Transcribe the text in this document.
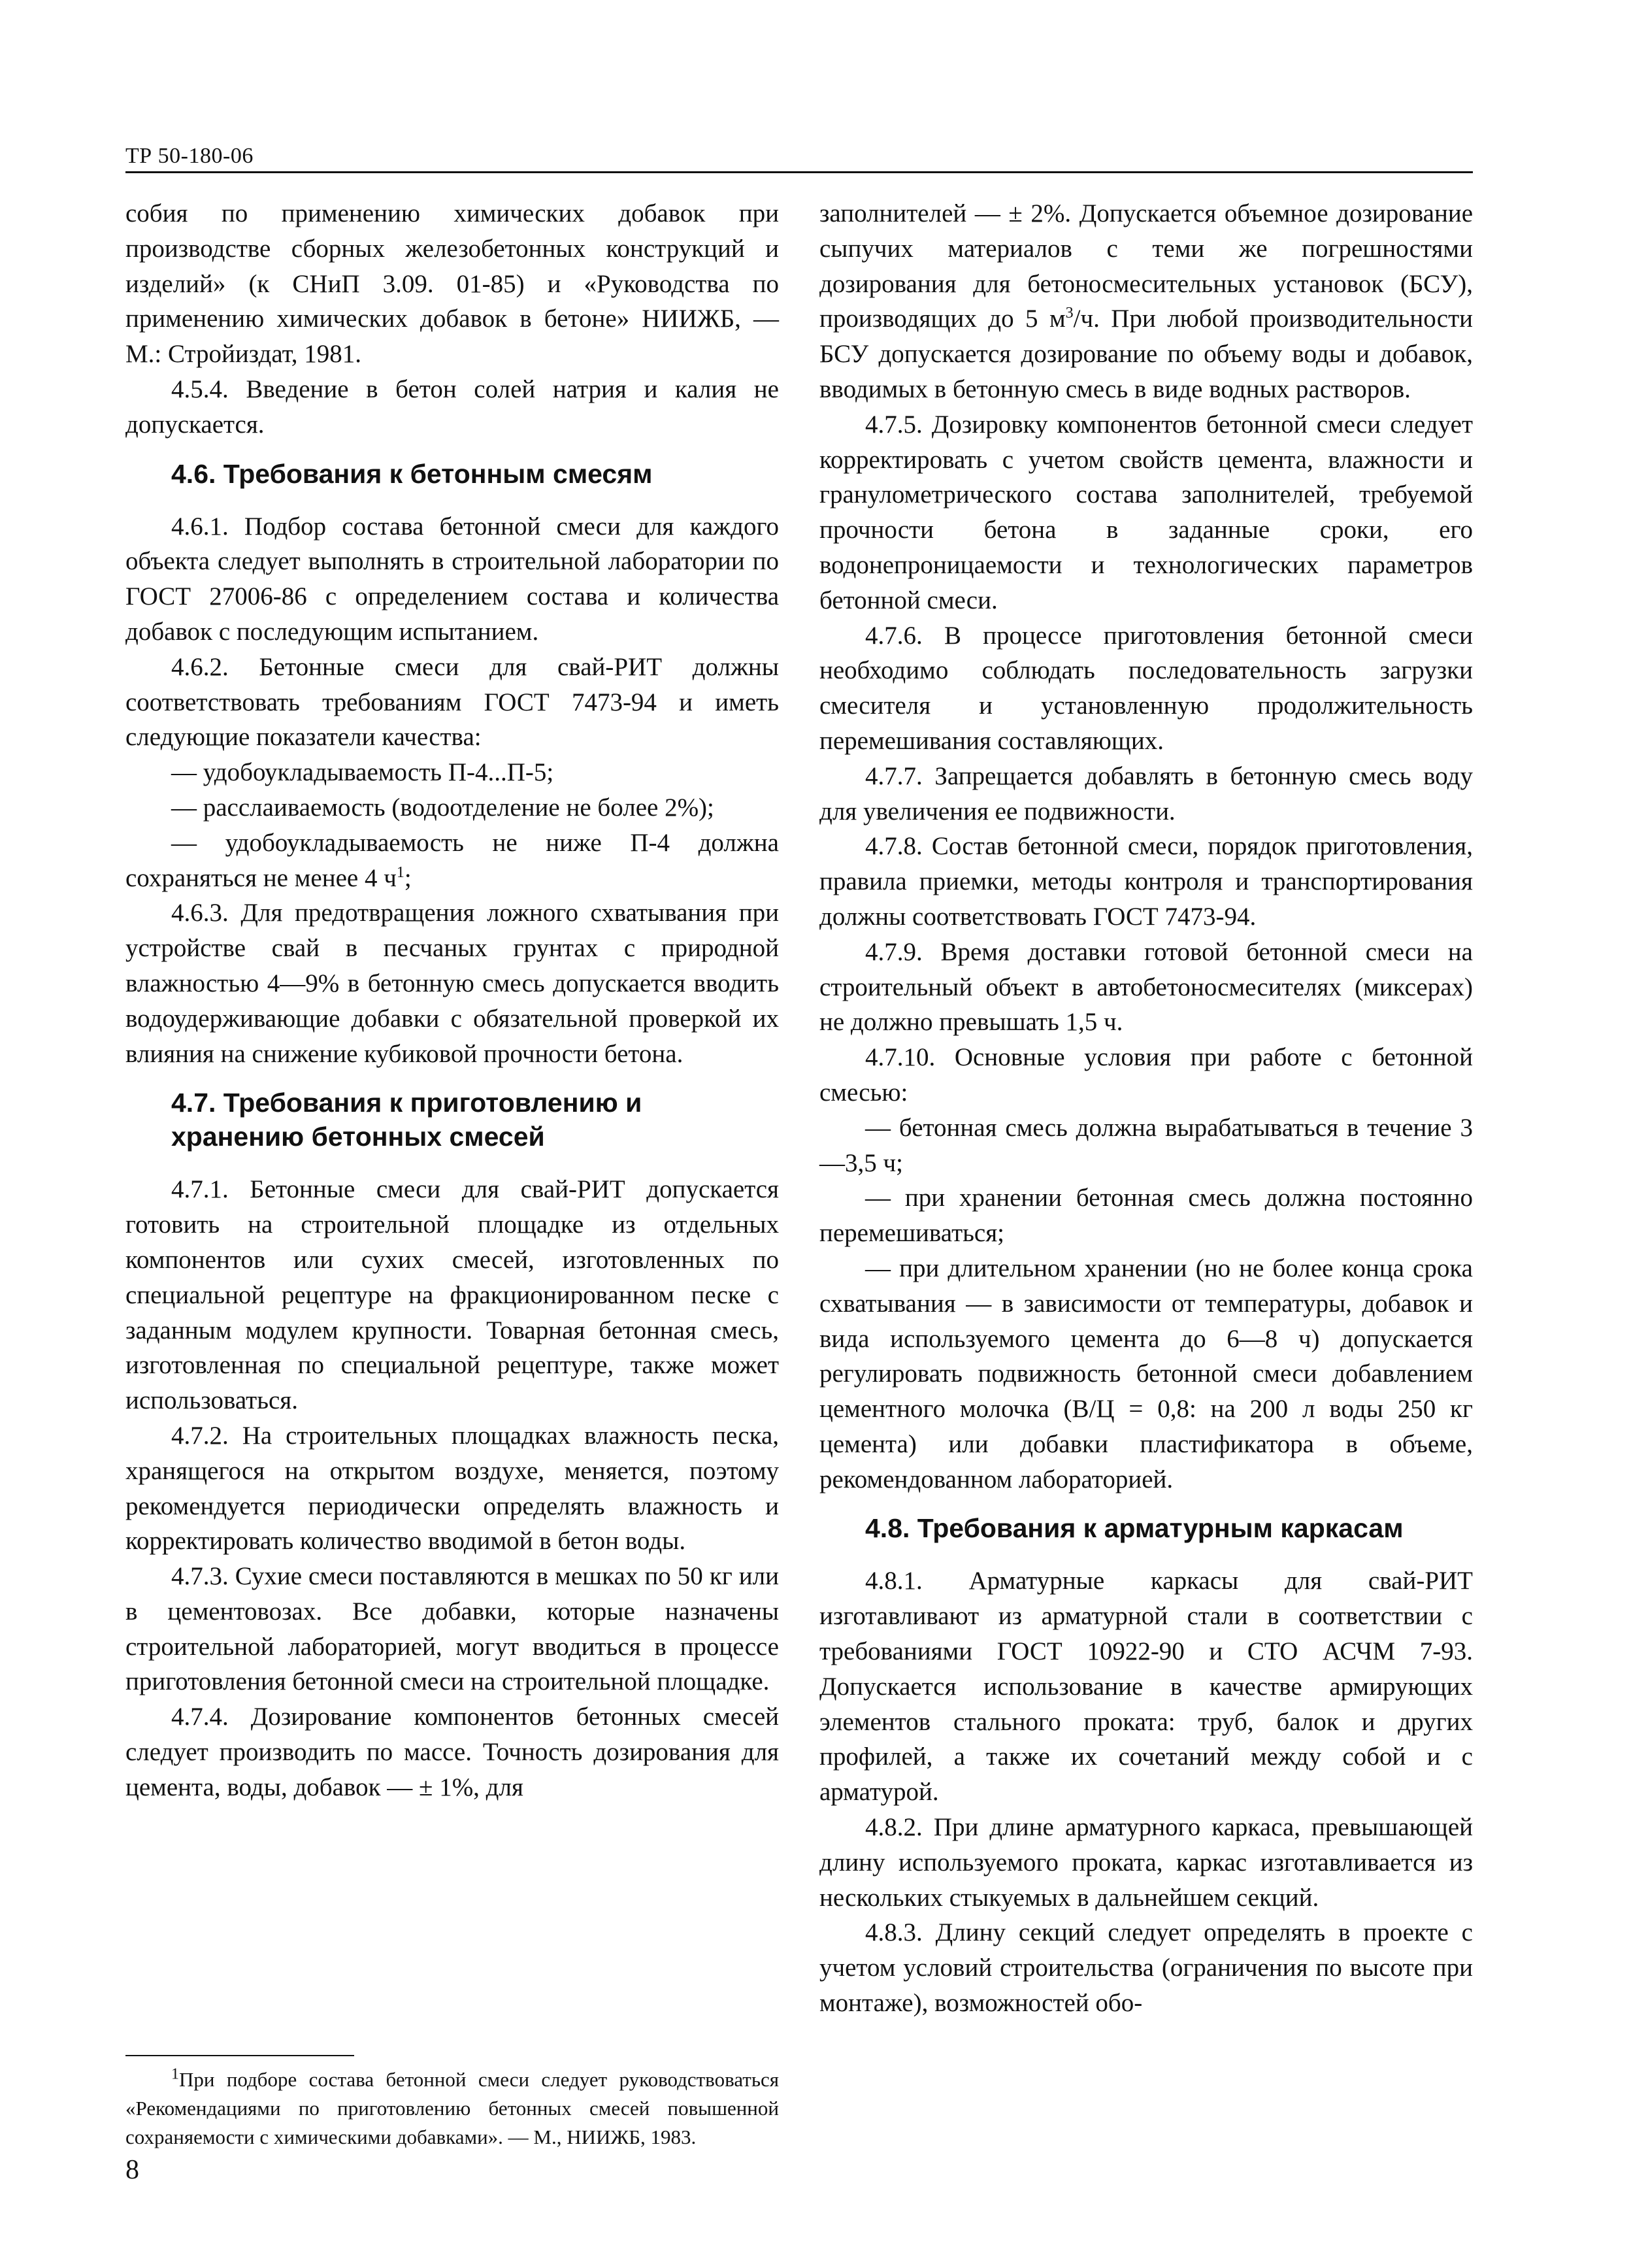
ТР 50-180-06

собия по применению химических добавок при производстве сборных железобетонных конструкций и изделий» (к СНиП 3.09. 01-85) и «Руководства по применению химических добавок в бетоне» НИИЖБ, — М.: Стройиздат, 1981.

4.5.4. Введение в бетон солей натрия и калия не допускается.

4.6. Требования к бетонным смесям

4.6.1. Подбор состава бетонной смеси для каждого объекта следует выполнять в строительной лаборатории по ГОСТ 27006-86 с определением состава и количества добавок с последующим испытанием.

4.6.2. Бетонные смеси для свай-РИТ должны соответствовать требованиям ГОСТ 7473-94 и иметь следующие показатели качества:

— удобоукладываемость П-4...П-5;

— расслаиваемость (водоотделение не более 2%);

— удобоукладываемость не ниже П-4 должна сохраняться не менее 4 $ч^1$;

4.6.3. Для предотвращения ложного схватывания при устройстве свай в песчаных грунтах с природной влажностью 4—9% в бетонную смесь допускается вводить водоудерживающие добавки с обязательной проверкой их влияния на снижение кубиковой прочности бетона.

4.7. Требования к приготовлению и хранению бетонных смесей

4.7.1. Бетонные смеси для свай-РИТ допускается готовить на строительной площадке из отдельных компонентов или сухих смесей, изготовленных по специальной рецептуре на фракционированном песке с заданным модулем крупности. Товарная бетонная смесь, изготовленная по специальной рецептуре, также может использоваться.

4.7.2. На строительных площадках влажность песка, хранящегося на открытом воздухе, меняется, поэтому рекомендуется периодически определять влажность и корректировать количество вводимой в бетон воды.

4.7.3. Сухие смеси поставляются в мешках по 50 кг или в цементовозах. Все добавки, которые назначены строительной лабораторией, могут вводиться в процессе приготовления бетонной смеси на строительной площадке.

4.7.4. Дозирование компонентов бетонных смесей следует производить по массе. Точность дозирования для цемента, воды, добавок — ± 1%, для

заполнителей — ± 2%. Допускается объемное дозирование сыпучих материалов с теми же погрешностями дозирования для бетоносмесительных установок (БСУ), производящих до 5 $м^3/ч$. При любой производительности БСУ допускается дозирование по объему воды и добавок, вводимых в бетонную смесь в виде водных растворов.

4.7.5. Дозировку компонентов бетонной смеси следует корректировать с учетом свойств цемента, влажности и гранулометрического состава заполнителей, требуемой прочности бетона в заданные сроки, его водонепроницаемости и технологических параметров бетонной смеси.

4.7.6. В процессе приготовления бетонной смеси необходимо соблюдать последовательность загрузки смесителя и установленную продолжительность перемешивания составляющих.

4.7.7. Запрещается добавлять в бетонную смесь воду для увеличения ее подвижности.

4.7.8. Состав бетонной смеси, порядок приготовления, правила приемки, методы контроля и транспортирования должны соответствовать ГОСТ 7473-94.

4.7.9. Время доставки готовой бетонной смеси на строительный объект в автобетоносмесителях (миксерах) не должно превышать 1,5 ч.

4.7.10. Основные условия при работе с бетонной смесью:

— бетонная смесь должна вырабатываться в течение 3—3,5 ч;

— при хранении бетонная смесь должна постоянно перемешиваться;

— при длительном хранении (но не более конца срока схватывания — в зависимости от температуры, добавок и вида используемого цемента до 6—8 ч) допускается регулировать подвижность бетонной смеси добавлением цементного молочка (В/Ц = 0,8: на 200 л воды 250 кг цемента) или добавки пластификатора в объеме, рекомендованном лабораторией.

4.8. Требования к арматурным каркасам

4.8.1. Арматурные каркасы для свай-РИТ изготавливают из арматурной стали в соответствии с требованиями ГОСТ 10922-90 и СТО АСЧМ 7-93. Допускается использование в качестве армирующих элементов стального проката: труб, балок и других профилей, а также их сочетаний между собой и с арматурой.

4.8.2. При длине арматурного каркаса, превышающей длину используемого проката, каркас изготавливается из нескольких стыкуемых в дальнейшем секций.

4.8.3. Длину секций следует определять в проекте с учетом условий строительства (ограничения по высоте при монтаже), возможностей обо-

$^1$При подборе состава бетонной смеси следует руководствоваться «Рекомендациями по приготовлению бетонных смесей повышенной сохраняемости с химическими добавками». — М., НИИЖБ, 1983.
8
